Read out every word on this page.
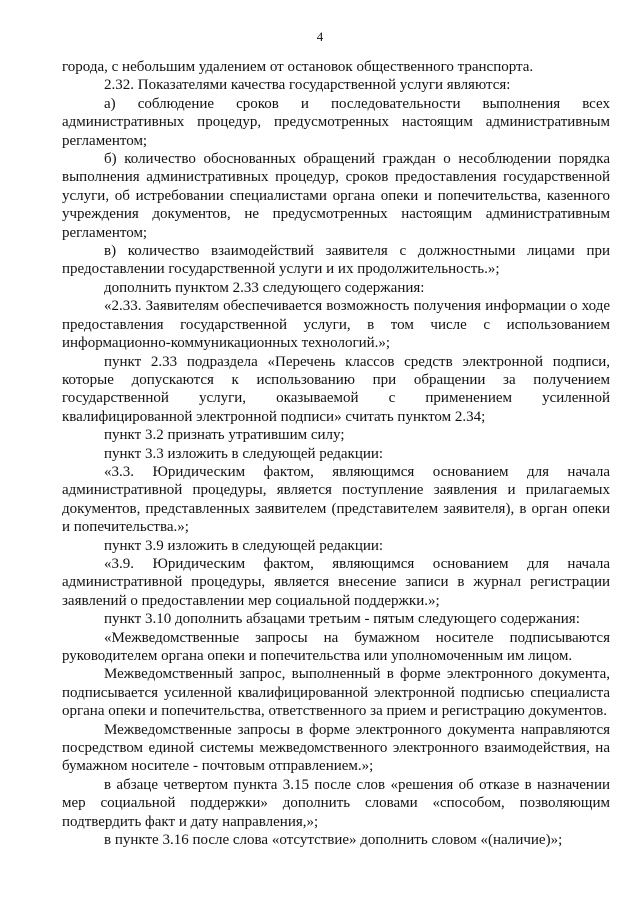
4

города, с небольшим удалением от остановок общественного транспорта.

2.32. Показателями качества государственной услуги являются:

а) соблюдение сроков и последовательности выполнения всех административных процедур, предусмотренных настоящим административным регламентом;

б) количество обоснованных обращений граждан о несоблюдении порядка выполнения административных процедур, сроков предоставления государственной услуги, об истребовании специалистами органа опеки и попечительства, казенного учреждения документов, не предусмотренных настоящим административным регламентом;

в) количество взаимодействий заявителя с должностными лицами при предоставлении государственной услуги и их продолжительность.»;

дополнить пунктом 2.33 следующего содержания:

«2.33. Заявителям обеспечивается возможность получения информации о ходе предоставления государственной услуги, в том числе с использованием информационно-коммуникационных технологий.»;

пункт 2.33 подраздела «Перечень классов средств электронной подписи, которые допускаются к использованию при обращении за получением государственной услуги, оказываемой с применением усиленной квалифицированной электронной подписи» считать пунктом 2.34;

пункт 3.2 признать утратившим силу;

пункт 3.3 изложить в следующей редакции:

«3.3. Юридическим фактом, являющимся основанием для начала административной процедуры, является поступление заявления и прилагаемых документов, представленных заявителем (представителем заявителя), в орган опеки и попечительства.»;

пункт 3.9 изложить в следующей редакции:

«3.9. Юридическим фактом, являющимся основанием для начала административной процедуры, является внесение записи в журнал регистрации заявлений о предоставлении мер социальной поддержки.»;

пункт 3.10 дополнить абзацами третьим - пятым следующего содержания:

«Межведомственные запросы на бумажном носителе подписываются руководителем органа опеки и попечительства или уполномоченным им лицом.

Межведомственный запрос, выполненный в форме электронного документа, подписывается усиленной квалифицированной электронной подписью специалиста органа опеки и попечительства, ответственного за прием и регистрацию документов.

Межведомственные запросы в форме электронного документа направляются посредством единой системы межведомственного электронного взаимодействия, на бумажном носителе - почтовым отправлением.»;

в абзаце четвертом пункта 3.15 после слов «решения об отказе в назначении мер социальной поддержки» дополнить словами «способом, позволяющим подтвердить факт и дату направления,»;

в пункте 3.16 после слова «отсутствие» дополнить словом «(наличие)»;
